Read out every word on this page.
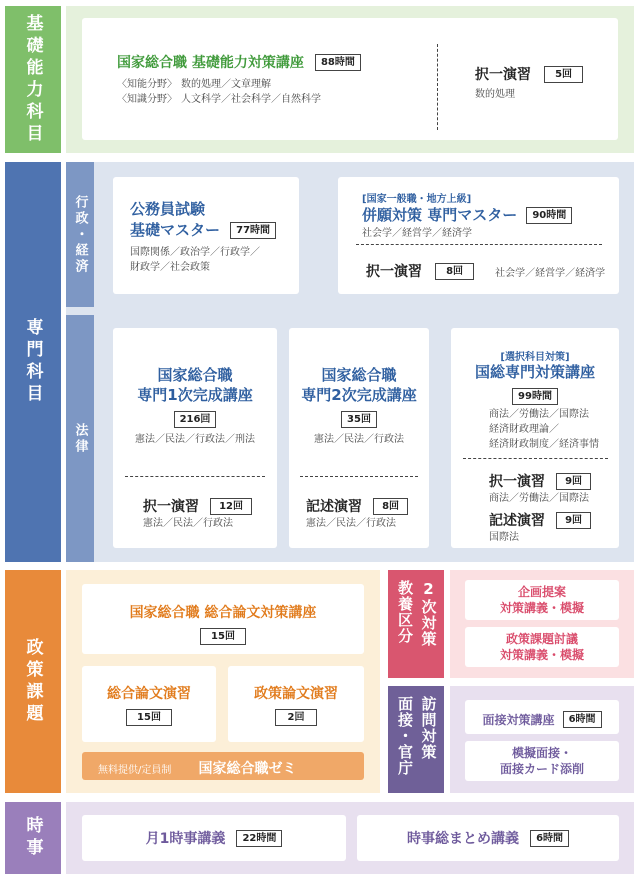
基礎能力科目	国家総合職 基礎能力対策講座 88時間
〈知能分野〉 数的処理／文章理解
〈知識分野〉 人文科学／社会科学／自然科学
択一演習 5回
数的処理
専門科目
行政・経済	公務員試験
基礎マスター 77時間
国際関係／政治学／行政学／
財政学／社会政策
[国家一般職・地方上級]
併願対策 専門マスター 90時間
社会学／経営学／経済学
択一演習 8回	社会学／経営学／経済学
法律
国家総合職
専門1次完成講座
216回
憲法／民法／行政法／刑法
択一演習 12回
憲法／民法／行政法
国家総合職
専門2次完成講座
35回
憲法／民法／行政法
記述演習 8回
憲法／民法／行政法
[選択科目対策]
国総専門対策講座
99時間
商法／労働法／国際法
経済財政理論／
経済財政制度／経済事情
択一演習 9回
商法／労働法／国際法
記述演習 9回
国際法
政策課題
国家総合職 総合論文対策講座
15回
総合論文演習
15回
政策論文演習
2回
無料提供/定員制 国家総合職ゼミ
教養区分 2次対策	企画提案
対策講義・模擬
政策課題討議
対策講義・模擬
面接・官庁 訪問対策	面接対策講座 6時間
模擬面接・
面接カード添削
時事	月1時事講義 22時間	時事総まとめ講義 6時間
